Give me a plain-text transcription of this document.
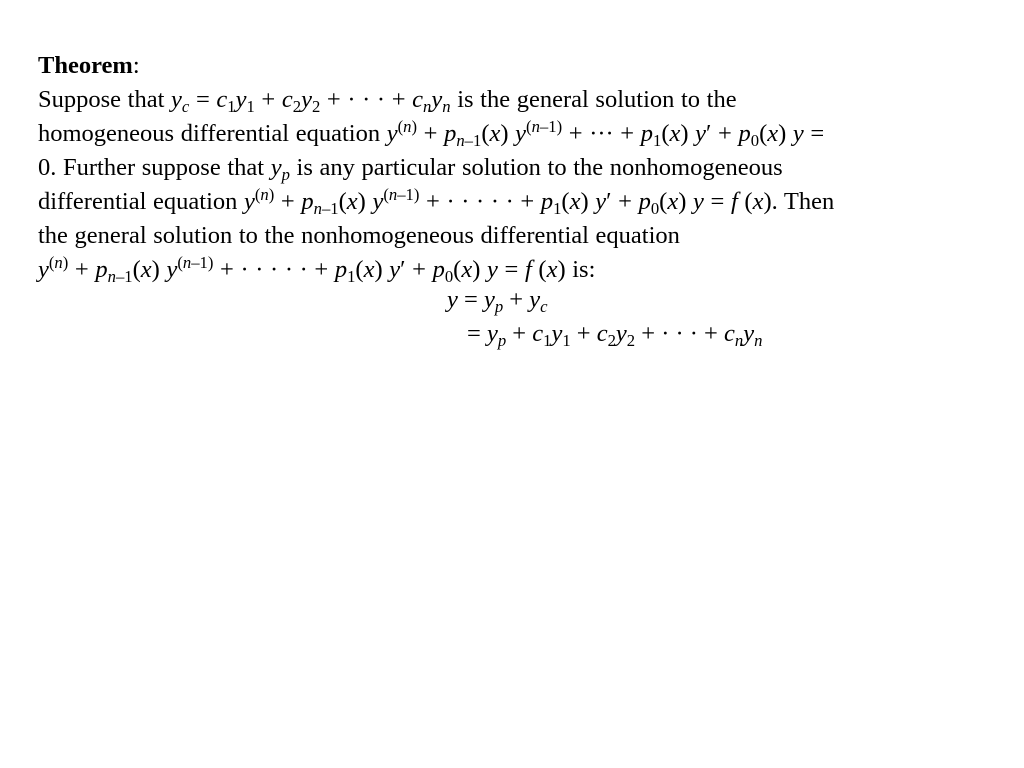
Theorem:
Suppose that $y_c = c_1y_1 + c_2y_2$ + · · · + $c_ny_n$ is the general solution to the
homogeneous differential equation $y^{(n)} + p_{n-1}(x) y^{(n-1)}$ + ··· + $p_1(x) y' + p_0(x) y$ =
0. Further suppose that $y_p$ is any particular solution to the nonhomogeneous
differential equation $y^{(n)} + p_{n-1}(x) y^{(n-1)}$ + · · · · · + $p_1(x) y' + p_0(x) y = f$ (x). Then
the general solution to the nonhomogeneous differential equation
$y^{(n)} + p_{n-1}(x) y^{(n-1)}$ + · · · · · + $p_1(x) y' + p_0(x) y = f$ (x) is:
$y = y_p + y_c$
= $y_p + c_1y_1 + c_2y_2$ + · · · + $c_ny_n$
